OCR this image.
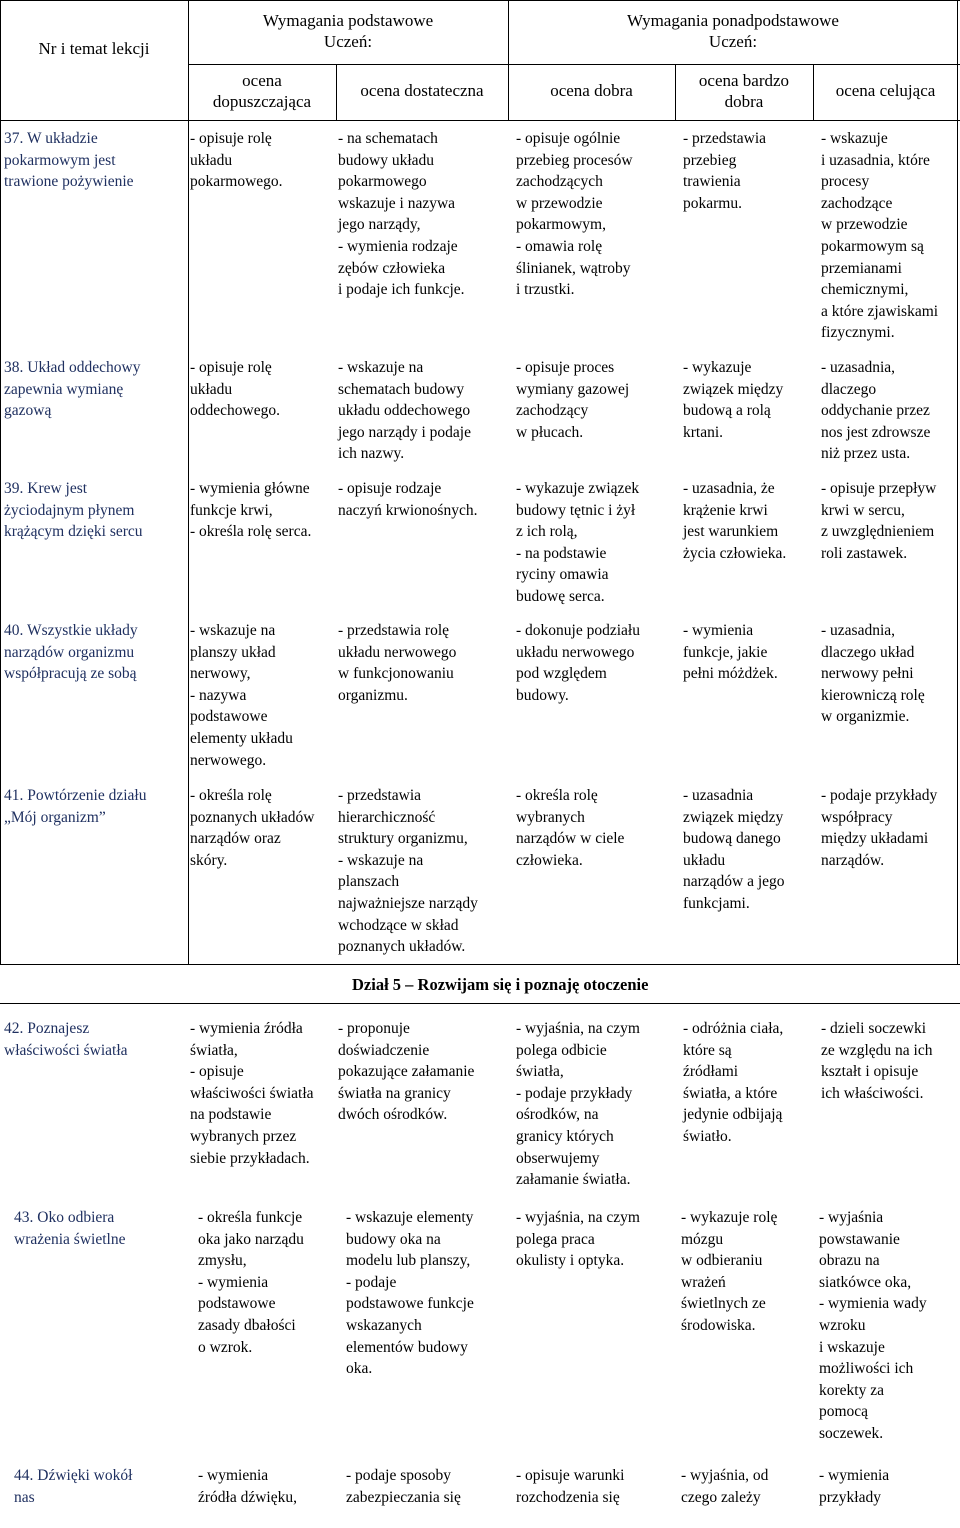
Nr i temat lekcji
Wymagania podstawowe
Uczeń:
Wymagania ponadpodstawowe
Uczeń:
ocena
dopuszczająca
ocena dostateczna	ocena dobra
ocena bardzo
dobra
ocena celująca
37. W układzie
pokarmowym jest
trawione pożywienie
- opisuje rolę
układu
pokarmowego.
- na schematach
budowy układu
pokarmowego
wskazuje i nazywa
jego narządy,
- wymienia rodzaje
zębów człowieka
i podaje ich funkcje.
- opisuje ogólnie
przebieg procesów
zachodzących
w przewodzie
pokarmowym,
- omawia rolę
ślinianek, wątroby
i trzustki.
- przedstawia
przebieg
trawienia
pokarmu.
- wskazuje
i uzasadnia, które
procesy
zachodzące
w przewodzie
pokarmowym są
przemianami
chemicznymi,
a które zjawiskami
fizycznymi.
38. Układ oddechowy
zapewnia wymianę
gazową
- opisuje rolę
układu
oddechowego.
- wskazuje na
schematach budowy
układu oddechowego
jego narządy i podaje
ich nazwy.
- opisuje proces
wymiany gazowej
zachodzący
w płucach.
- wykazuje
związek między
budową a rolą
krtani.
- uzasadnia,
dlaczego
oddychanie przez
nos jest zdrowsze
niż przez usta.
39. Krew jest
życiodajnym płynem
krążącym dzięki sercu
- wymienia główne
funkcje krwi,
- określa rolę serca.
- opisuje rodzaje
naczyń krwionośnych.
- wykazuje związek
budowy tętnic i żył
z ich rolą,
- na podstawie
ryciny omawia
budowę serca.
- uzasadnia, że
krążenie krwi
jest warunkiem
życia człowieka.
- opisuje przepływ
krwi w sercu,
z uwzględnieniem
roli zastawek.
40. Wszystkie układy
narządów organizmu
współpracują ze sobą
- wskazuje na
planszy układ
nerwowy,
- nazywa
podstawowe
elementy układu
nerwowego.
- przedstawia rolę
układu nerwowego
w funkcjonowaniu
organizmu.
- dokonuje podziału
układu nerwowego
pod względem
budowy.
- wymienia
funkcje, jakie
pełni móżdżek.
- uzasadnia,
dlaczego układ
nerwowy pełni
kierowniczą rolę
w organizmie.
41. Powtórzenie działu
„Mój organizm”
- określa rolę
poznanych układów
narządów oraz
skóry.
- przedstawia
hierarchiczność
struktury organizmu,
- wskazuje na
planszach
najważniejsze narządy
wchodzące w skład
poznanych układów.
- określa rolę
wybranych
narządów w ciele
człowieka.
- uzasadnia
związek między
budową danego
układu
narządów a jego
funkcjami.
- podaje przykłady
współpracy
między układami
narządów.
Dział 5 – Rozwijam się i poznaję otoczenie
42. Poznajesz
właściwości światła
- wymienia źródła
światła,
- opisuje
właściwości światła
na podstawie
wybranych przez
siebie przykładach.
- proponuje
doświadczenie
pokazujące załamanie
światła na granicy
dwóch ośrodków.
- wyjaśnia, na czym
polega odbicie
światła,
- podaje przykłady
ośrodków, na
granicy których
obserwujemy
załamanie światła.
- odróżnia ciała,
które są
źródłami
światła, a które
jedynie odbijają
światło.
- dzieli soczewki
ze względu na ich
kształt i opisuje
ich właściwości.
43. Oko odbiera
wrażenia świetlne
- określa funkcje
oka jako narządu
zmysłu,
- wymienia
podstawowe
zasady dbałości
o wzrok.
- wskazuje elementy
budowy oka na
modelu lub planszy,
- podaje
podstawowe funkcje
wskazanych
elementów budowy
oka.
- wyjaśnia, na czym
polega praca
okulisty i optyka.
- wykazuje rolę
mózgu
w odbieraniu
wrażeń
świetlnych ze
środowiska.
- wyjaśnia
powstawanie
obrazu na
siatkówce oka,
- wymienia wady
wzroku
i wskazuje
możliwości ich
korekty za
pomocą
soczewek.
44. Dźwięki wokół
nas
- wymienia
źródła dźwięku,
- podaje sposoby
zabezpieczania się
- opisuje warunki
rozchodzenia się
- wyjaśnia, od
czego zależy
- wymienia
przykłady
